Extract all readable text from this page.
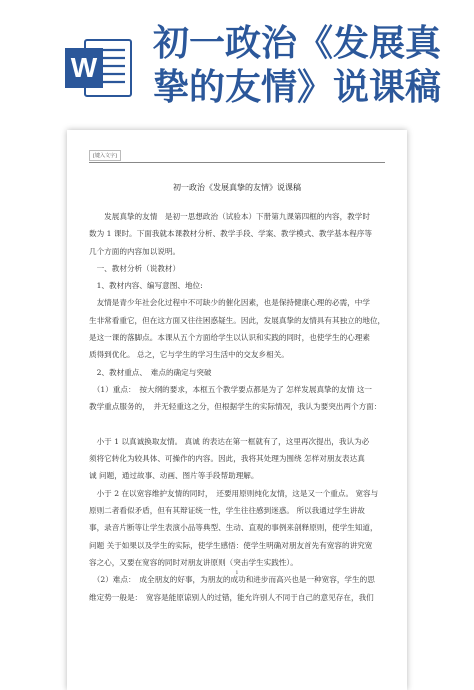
W
初一政治《发展真
挚的友情》说课稿
[键入文字]
初一政治《发展真挚的友情》说课稿
　　发展真挚的友情　是初一思想政治（试验本）下册第九课第四框的内容，教学时
数为 1 课时。下面我就本课教材分析、教学手段、学案、教学模式、教学基本程序等
几个方面的内容加以说明。
　一、教材分析（说教材）
　1、教材内容、编写意图、地位:
　友情是青少年社会化过程中不可缺少的催化因素，也是保持健康心理的必需，中学
生非常看重它，但在这方面又往往困惑疑生。因此，发展真挚的友情具有其独立的地位，
是这一课的落脚点。本课从五个方面给学生以认识和实践的同时，也使学生的心理素
质得到优化。 总之，它与学生的学习生活中的交友乡相关。
　2、教材重点、　难点的确定与突破
　（1）重点：　按大纲的要求，本框五个教学要点都是为了 怎样发展真挚的友情 这一
教学重点服务的，　并无轻重这之分，但根据学生的实际情况，我认为要突出两个方面：
　小于 1 以真诚换取友情。 真诚 的表达在第一框就有了，这里再次提出，我认为必
须将它转化为较具体、可操作的内容。因此，我将其处理为围绕 怎样对朋友表达真
诚 问题，通过故事、动画、图片等手段帮助理解。
　小于 2 在以宽容维护友情的同时，　还要用原则纯化友情，这是又一个重点。 宽容与
原则二者看似矛盾，但有其辩证统一性，学生往往感到迷惑。 所以我通过学生讲故
事，录音片断等让学生表演小品等典型、生动、直观的事例来剖释原则，使学生知道，
问题 关于如果以及学生的实际，使学生感悟：使学生明确对朋友首先有宽容的讲究宽
容之心，又要在宽容的同时对朋友讲原则（突击学生实践性）。
　（2）难点：　成全朋友的好事，为朋友的成功和进步而高兴也是一种宽容，学生的思
维定势一般是：　宽容是能原谅别人的过错，能允许别人不同于自己的意见存在，我们
1
